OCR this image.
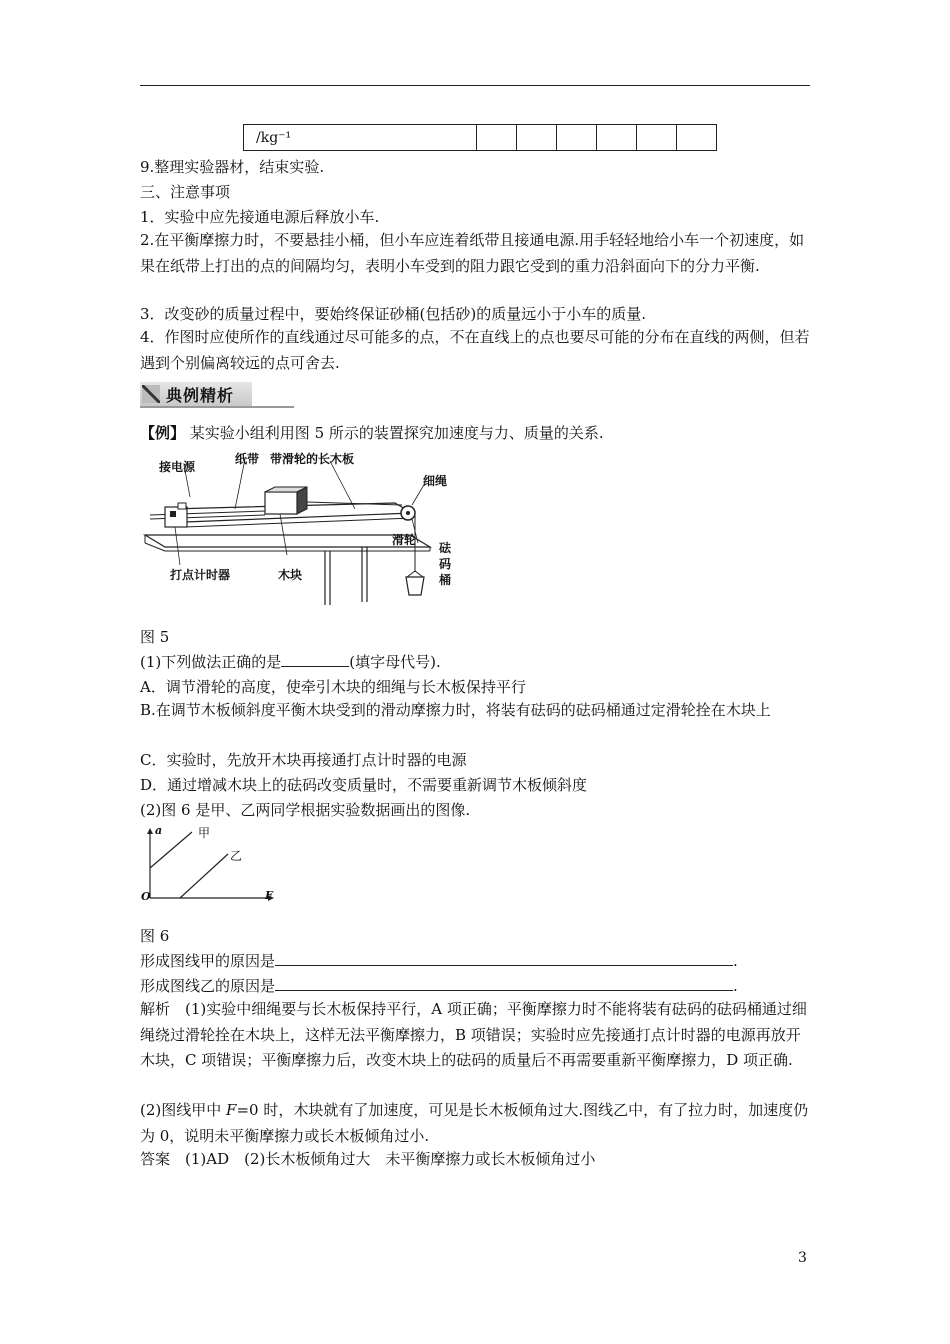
/kg⁻¹						
9.整理实验器材，结束实验.
三、注意事项
1．实验中应先接通电源后释放小车.
2.在平衡摩擦力时，不要悬挂小桶，但小车应连着纸带且接通电源.用手轻轻地给小车一个初速度，如果在纸带上打出的点的间隔均匀，表明小车受到的阻力跟它受到的重力沿斜面向下的分力平衡.
3．改变砂的质量过程中，要始终保证砂桶(包括砂)的质量远小于小车的质量.
4．作图时应使所作的直线通过尽可能多的点，不在直线上的点也要尽可能的分布在直线的两侧，但若遇到个别偏离较远的点可舍去.
典例精析
【例】 某实验小组利用图 5 所示的装置探究加速度与力、质量的关系.
接电源
纸带 带滑轮的长木板
细绳
滑轮
砝码桶
打点计时器	木块
图 5
(1)下列做法正确的是	(填字母代号).
A．调节滑轮的高度，使牵引木块的细绳与长木板保持平行
B.在调节木板倾斜度平衡木块受到的滑动摩擦力时，将装有砝码的砝码桶通过定滑轮拴在木块上
C．实验时，先放开木块再接通打点计时器的电源
D．通过增减木块上的砝码改变质量时，不需要重新调节木板倾斜度
(2)图 6 是甲、乙两同学根据实验数据画出的图像.
a	甲
乙
O	F
图 6
形成图线甲的原因是	.
形成图线乙的原因是	.
解析　(1)实验中细绳要与长木板保持平行，A 项正确；平衡摩擦力时不能将装有砝码的砝码桶通过细绳绕过滑轮拴在木块上，这样无法平衡摩擦力，B 项错误；实验时应先接通打点计时器的电源再放开木块，C 项错误；平衡摩擦力后，改变木块上的砝码的质量后不再需要重新平衡摩擦力，D 项正确.
(2)图线甲中 F=0 时，木块就有了加速度，可见是长木板倾角过大.图线乙中，有了拉力时，加速度仍为 0，说明未平衡摩擦力或长木板倾角过小.
答案　(1)AD　(2)长木板倾角过大　未平衡摩擦力或长木板倾角过小
3
